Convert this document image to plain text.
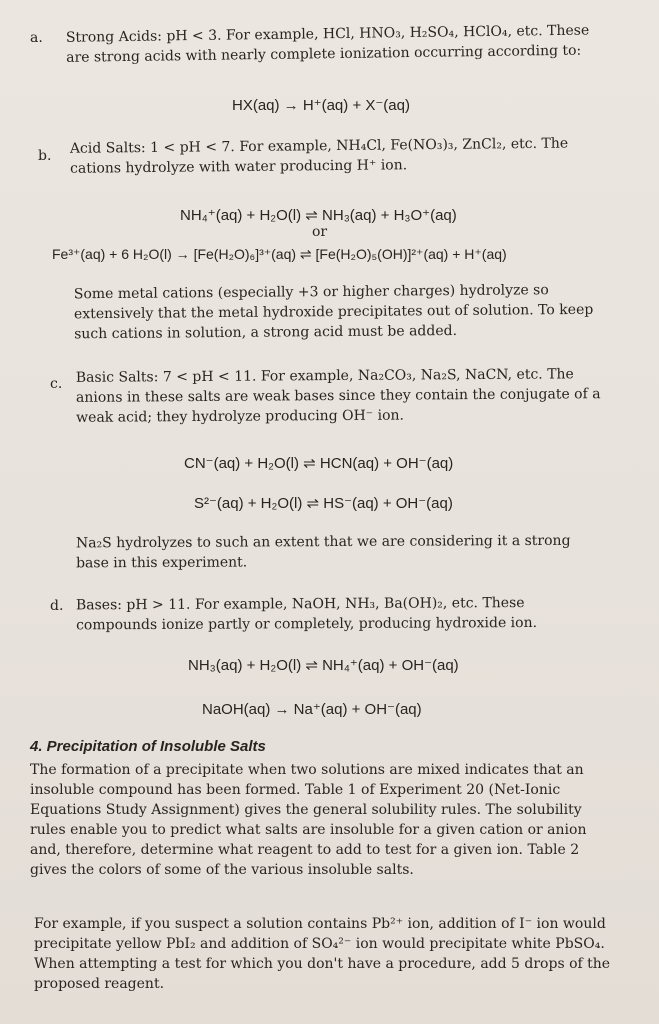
a. Strong Acids: pH < 3. For example, HCl, HNO₃, H₂SO₄, HClO₄, etc. These are strong acids with nearly complete ionization occurring according to:
HX(aq) → H⁺(aq) + X⁻(aq)
b. Acid Salts: 1 < pH < 7. For example, NH₄Cl, Fe(NO₃)₃, ZnCl₂, etc. The cations hydrolyze with water producing H⁺ ion.
NH₄⁺(aq) + H₂O(l) ⇌ NH₃(aq) + H₃O⁺(aq)
or
Fe³⁺(aq) + 6 H₂O(l) → [Fe(H₂O)₆]³⁺(aq) ⇌ [Fe(H₂O)₅(OH)]²⁺(aq) + H⁺(aq)
Some metal cations (especially +3 or higher charges) hydrolyze so extensively that the metal hydroxide precipitates out of solution. To keep such cations in solution, a strong acid must be added.
c. Basic Salts: 7 < pH < 11. For example, Na₂CO₃, Na₂S, NaCN, etc. The anions in these salts are weak bases since they contain the conjugate of a weak acid; they hydrolyze producing OH⁻ ion.
CN⁻(aq) + H₂O(l) ⇌ HCN(aq) + OH⁻(aq)
S²⁻(aq) + H₂O(l) ⇌ HS⁻(aq) + OH⁻(aq)
Na₂S hydrolyzes to such an extent that we are considering it a strong base in this experiment.
d. Bases: pH > 11. For example, NaOH, NH₃, Ba(OH)₂, etc. These compounds ionize partly or completely, producing hydroxide ion.
NH₃(aq) + H₂O(l) ⇌ NH₄⁺(aq) + OH⁻(aq)
NaOH(aq) → Na⁺(aq) + OH⁻(aq)
4. Precipitation of Insoluble Salts
The formation of a precipitate when two solutions are mixed indicates that an insoluble compound has been formed. Table 1 of Experiment 20 (Net-Ionic Equations Study Assignment) gives the general solubility rules. The solubility rules enable you to predict what salts are insoluble for a given cation or anion and, therefore, determine what reagent to add to test for a given ion. Table 2 gives the colors of some of the various insoluble salts.
For example, if you suspect a solution contains Pb²⁺ ion, addition of I⁻ ion would precipitate yellow PbI₂ and addition of SO₄²⁻ ion would precipitate white PbSO₄. When attempting a test for which you don't have a procedure, add 5 drops of the proposed reagent.
